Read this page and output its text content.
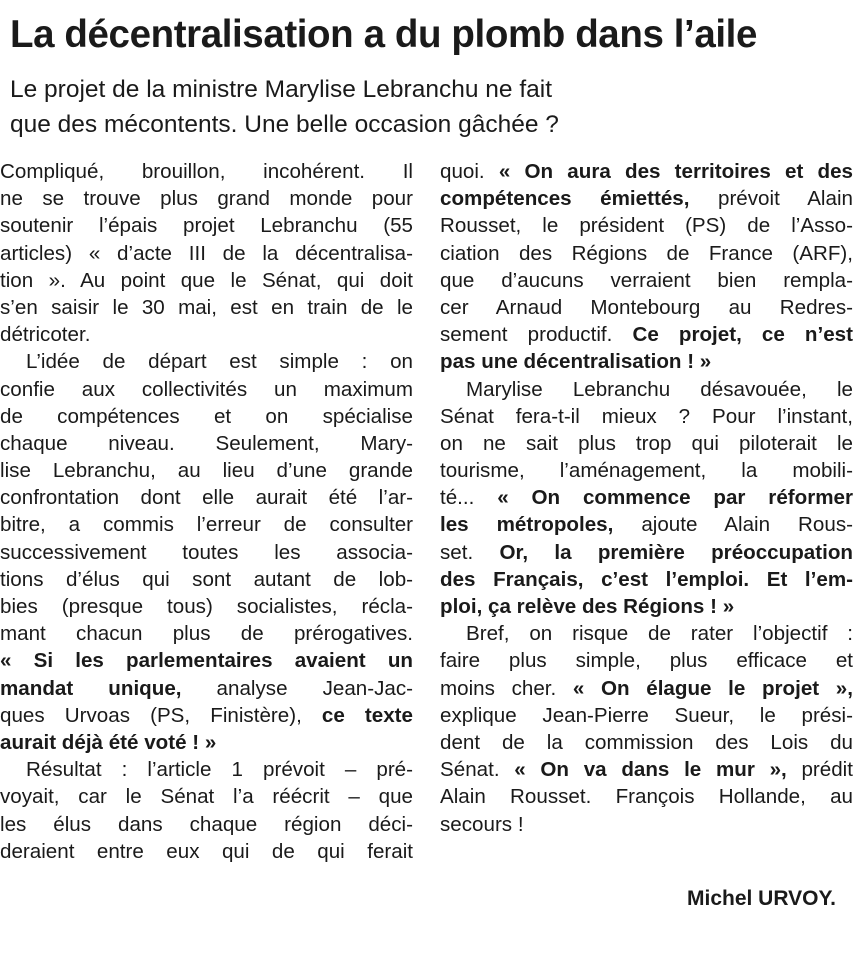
La décentralisation a du plomb dans l’aile
Le projet de la ministre Marylise Lebranchu ne fait
que des mécontents. Une belle occasion gâchée ?
Compliqué, brouillon, incohérent. Il
ne se trouve plus grand monde pour
soutenir l’épais projet Lebranchu (55
articles) « d’acte III de la décentralisa-
tion ». Au point que le Sénat, qui doit
s’en saisir le 30 mai, est en train de le
détricoter.
L’idée de départ est simple : on
confie aux collectivités un maximum
de compétences et on spécialise
chaque niveau. Seulement, Mary-
lise Lebranchu, au lieu d’une grande
confrontation dont elle aurait été l’ar-
bitre, a commis l’erreur de consulter
successivement toutes les associa-
tions d’élus qui sont autant de lob-
bies (presque tous) socialistes, récla-
mant chacun plus de prérogatives.
« Si les parlementaires avaient un
mandat unique, analyse Jean-Jac-
ques Urvoas (PS, Finistère), ce texte
aurait déjà été voté ! »
Résultat : l’article 1 prévoit – pré-
voyait, car le Sénat l’a réécrit – que
les élus dans chaque région déci-
deraient entre eux qui de qui ferait
quoi. « On aura des territoires et des
compétences émiettés, prévoit Alain
Rousset, le président (PS) de l’Asso-
ciation des Régions de France (ARF),
que d’aucuns verraient bien rempla-
cer Arnaud Montebourg au Redres-
sement productif. Ce projet, ce n’est
pas une décentralisation ! »
Marylise Lebranchu désavouée, le
Sénat fera-t-il mieux ? Pour l’instant,
on ne sait plus trop qui piloterait le
tourisme, l’aménagement, la mobili-
té... « On commence par réformer
les métropoles, ajoute Alain Rous-
set. Or, la première préoccupation
des Français, c’est l’emploi. Et l’em-
ploi, ça relève des Régions ! »
Bref, on risque de rater l’objectif :
faire plus simple, plus efficace et
moins cher. « On élague le projet »,
explique Jean-Pierre Sueur, le prési-
dent de la commission des Lois du
Sénat. « On va dans le mur », prédit
Alain Rousset. François Hollande, au
secours !
Michel URVOY.
